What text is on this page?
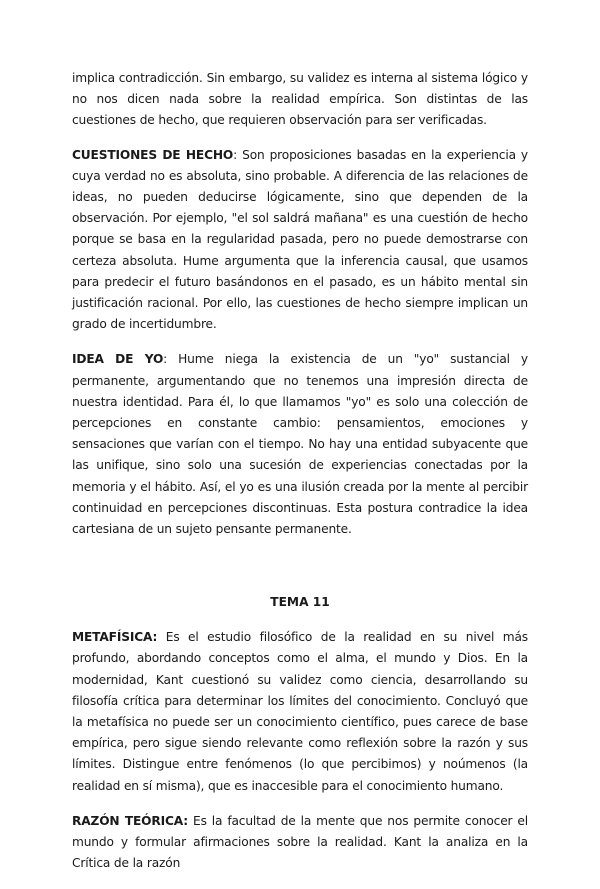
implica contradicción. Sin embargo, su validez es interna al sistema lógico y no nos dicen nada sobre la realidad empírica. Son distintas de las cuestiones de hecho, que requieren observación para ser verificadas.

CUESTIONES DE HECHO: Son proposiciones basadas en la experiencia y cuya verdad no es absoluta, sino probable. A diferencia de las relaciones de ideas, no pueden deducirse lógicamente, sino que dependen de la observación. Por ejemplo, "el sol saldrá mañana" es una cuestión de hecho porque se basa en la regularidad pasada, pero no puede demostrarse con certeza absoluta. Hume argumenta que la inferencia causal, que usamos para predecir el futuro basándonos en el pasado, es un hábito mental sin justificación racional. Por ello, las cuestiones de hecho siempre implican un grado de incertidumbre.

IDEA DE YO: Hume niega la existencia de un "yo" sustancial y permanente, argumentando que no tenemos una impresión directa de nuestra identidad. Para él, lo que llamamos "yo" es solo una colección de percepciones en constante cambio: pensamientos, emociones y sensaciones que varían con el tiempo. No hay una entidad subyacente que las unifique, sino solo una sucesión de experiencias conectadas por la memoria y el hábito. Así, el yo es una ilusión creada por la mente al percibir continuidad en percepciones discontinuas. Esta postura contradice la idea cartesiana de un sujeto pensante permanente.

TEMA 11

METAFÍSICA: Es el estudio filosófico de la realidad en su nivel más profundo, abordando conceptos como el alma, el mundo y Dios. En la modernidad, Kant cuestionó su validez como ciencia, desarrollando su filosofía crítica para determinar los límites del conocimiento. Concluyó que la metafísica no puede ser un conocimiento científico, pues carece de base empírica, pero sigue siendo relevante como reflexión sobre la razón y sus límites. Distingue entre fenómenos (lo que percibimos) y noúmenos (la realidad en sí misma), que es inaccesible para el conocimiento humano.

RAZÓN TEÓRICA: Es la facultad de la mente que nos permite conocer el mundo y formular afirmaciones sobre la realidad. Kant la analiza en la Crítica de la razón
